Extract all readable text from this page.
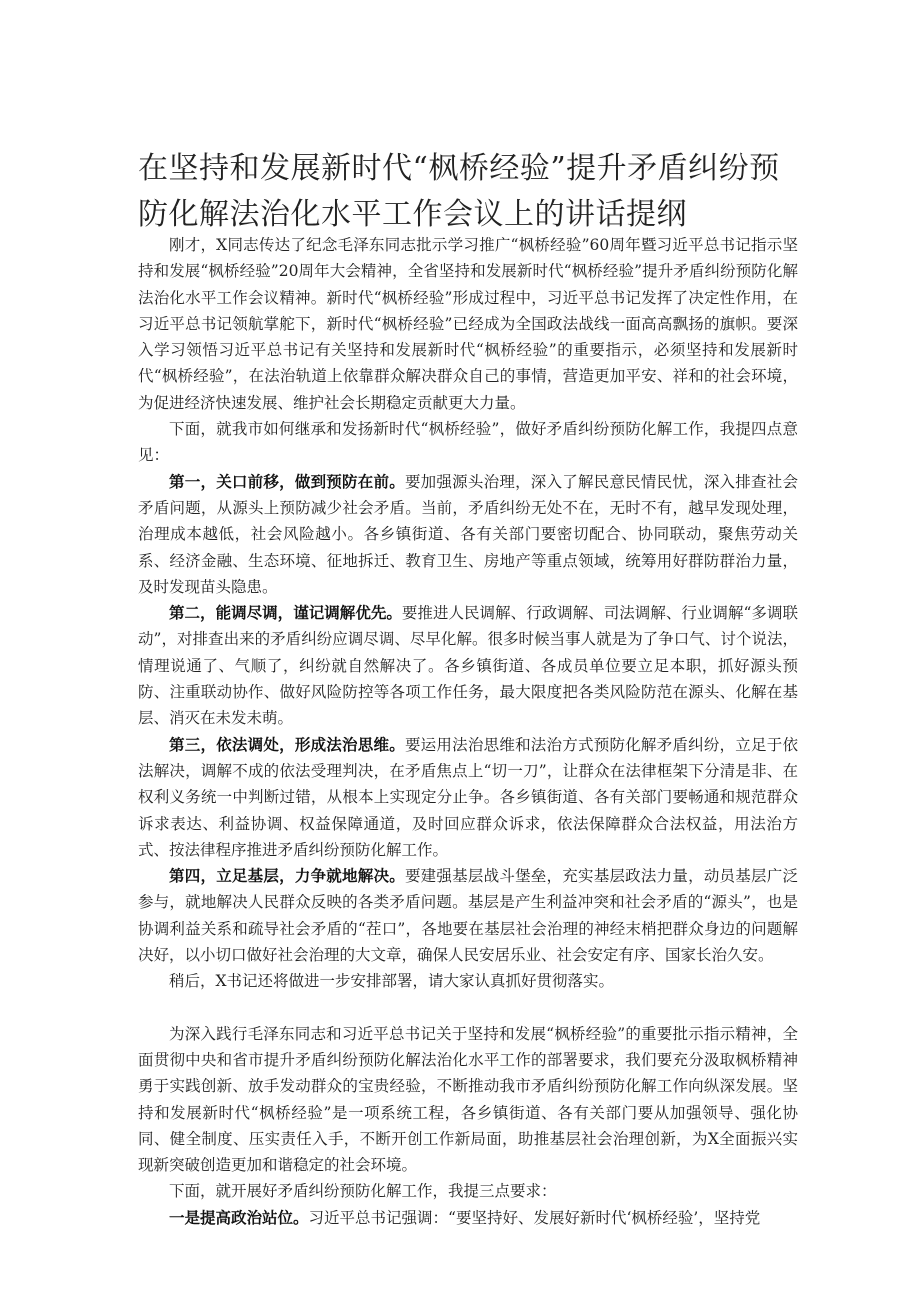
在坚持和发展新时代“枫桥经验”提升矛盾纠纷预防化解法治化水平工作会议上的讲话提纲

刚才，X同志传达了纪念毛泽东同志批示学习推广“枫桥经验”60周年暨习近平总书记指示坚持和发展“枫桥经验”20周年大会精神，全省坚持和发展新时代“枫桥经验”提升矛盾纠纷预防化解法治化水平工作会议精神。新时代“枫桥经验”形成过程中，习近平总书记发挥了决定性作用，在习近平总书记领航掌舵下，新时代“枫桥经验”已经成为全国政法战线一面高高飘扬的旗帜。要深入学习领悟习近平总书记有关坚持和发展新时代“枫桥经验”的重要指示，必须坚持和发展新时代“枫桥经验”，在法治轨道上依靠群众解决群众自己的事情，营造更加平安、祥和的社会环境，为促进经济快速发展、维护社会长期稳定贡献更大力量。

下面，就我市如何继承和发扬新时代“枫桥经验”，做好矛盾纠纷预防化解工作，我提四点意见：

第一，关口前移，做到预防在前。要加强源头治理，深入了解民意民情民忧，深入排查社会矛盾问题，从源头上预防减少社会矛盾。当前，矛盾纠纷无处不在，无时不有，越早发现处理，治理成本越低，社会风险越小。各乡镇街道、各有关部门要密切配合、协同联动，聚焦劳动关系、经济金融、生态环境、征地拆迁、教育卫生、房地产等重点领域，统筹用好群防群治力量，及时发现苗头隐患。

第二，能调尽调，谨记调解优先。要推进人民调解、行政调解、司法调解、行业调解“多调联动”，对排查出来的矛盾纠纷应调尽调、尽早化解。很多时候当事人就是为了争口气、讨个说法，情理说通了、气顺了，纠纷就自然解决了。各乡镇街道、各成员单位要立足本职，抓好源头预防、注重联动协作、做好风险防控等各项工作任务，最大限度把各类风险防范在源头、化解在基层、消灭在未发未萌。

第三，依法调处，形成法治思维。要运用法治思维和法治方式预防化解矛盾纠纷，立足于依法解决，调解不成的依法受理判决，在矛盾焦点上“切一刀”，让群众在法律框架下分清是非、在权利义务统一中判断过错，从根本上实现定分止争。各乡镇街道、各有关部门要畅通和规范群众诉求表达、利益协调、权益保障通道，及时回应群众诉求，依法保障群众合法权益，用法治方式、按法律程序推进矛盾纠纷预防化解工作。

第四，立足基层，力争就地解决。要建强基层战斗堡垒，充实基层政法力量，动员基层广泛参与，就地解决人民群众反映的各类矛盾问题。基层是产生利益冲突和社会矛盾的“源头”，也是协调利益关系和疏导社会矛盾的“茬口”，各地要在基层社会治理的神经末梢把群众身边的问题解决好，以小切口做好社会治理的大文章，确保人民安居乐业、社会安定有序、国家长治久安。

稍后，X书记还将做进一步安排部署，请大家认真抓好贯彻落实。

为深入践行毛泽东同志和习近平总书记关于坚持和发展“枫桥经验”的重要批示指示精神，全面贯彻中央和省市提升矛盾纠纷预防化解法治化水平工作的部署要求，我们要充分汲取枫桥精神勇于实践创新、放手发动群众的宝贵经验，不断推动我市矛盾纠纷预防化解工作向纵深发展。坚持和发展新时代“枫桥经验”是一项系统工程，各乡镇街道、各有关部门要从加强领导、强化协同、健全制度、压实责任入手，不断开创工作新局面，助推基层社会治理创新，为X全面振兴实现新突破创造更加和谐稳定的社会环境。

下面，就开展好矛盾纠纷预防化解工作，我提三点要求：

一是提高政治站位。习近平总书记强调：“要坚持好、发展好新时代‘枫桥经验’，坚持党
